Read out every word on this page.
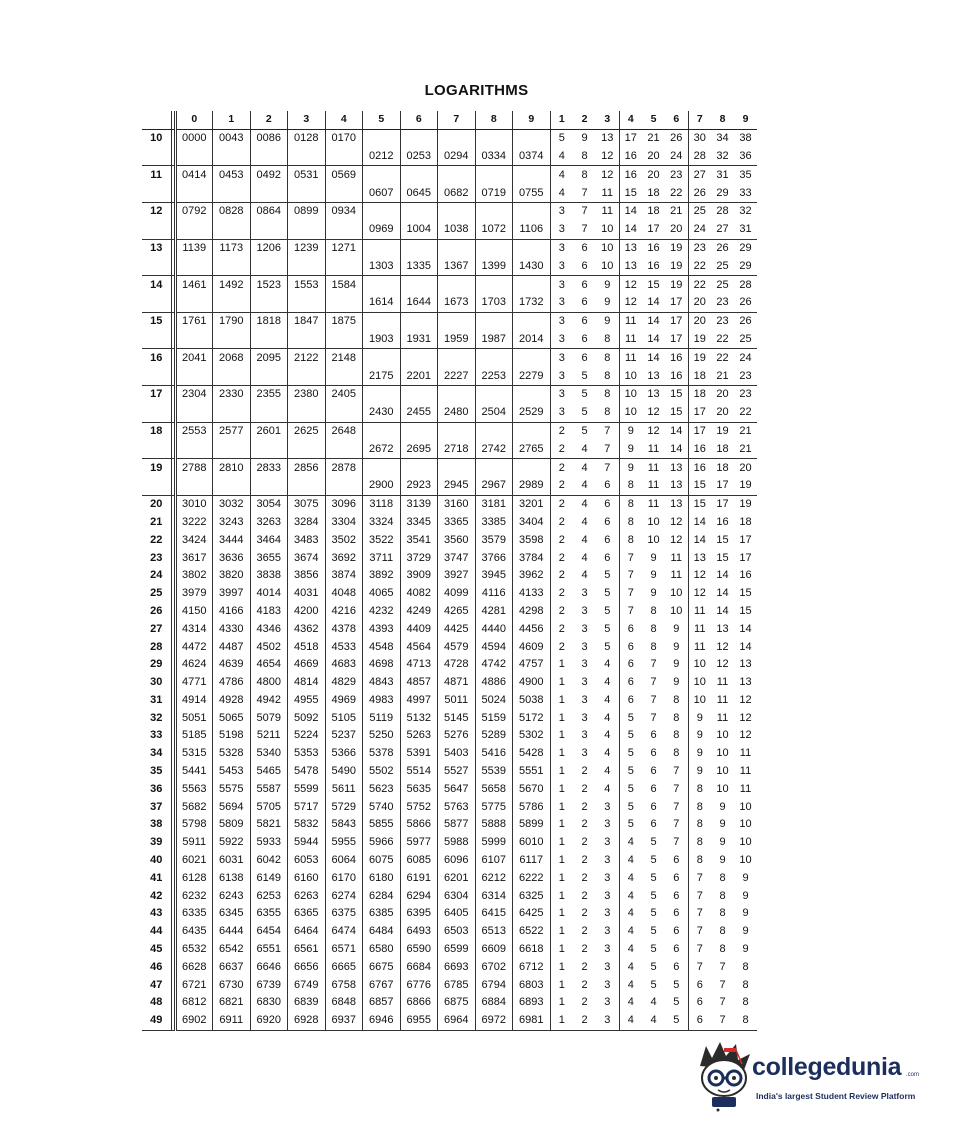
LOGARITHMS
		0	1	2	3	4	5	6	7	8	9	1	2	3	4	5	6	7	8	9
10		0000	0043	0086	0128	0170						5	9	13	17	21	26	30	34	38
							0212	0253	0294	0334	0374	4	8	12	16	20	24	28	32	36
11		0414	0453	0492	0531	0569						4	8	12	16	20	23	27	31	35
							0607	0645	0682	0719	0755	4	7	11	15	18	22	26	29	33
12		0792	0828	0864	0899	0934						3	7	11	14	18	21	25	28	32
							0969	1004	1038	1072	1106	3	7	10	14	17	20	24	27	31
13		1139	1173	1206	1239	1271						3	6	10	13	16	19	23	26	29
							1303	1335	1367	1399	1430	3	6	10	13	16	19	22	25	29
14		1461	1492	1523	1553	1584						3	6	9	12	15	19	22	25	28
							1614	1644	1673	1703	1732	3	6	9	12	14	17	20	23	26
15		1761	1790	1818	1847	1875						3	6	9	11	14	17	20	23	26
							1903	1931	1959	1987	2014	3	6	8	11	14	17	19	22	25
16		2041	2068	2095	2122	2148						3	6	8	11	14	16	19	22	24
							2175	2201	2227	2253	2279	3	5	8	10	13	16	18	21	23
17		2304	2330	2355	2380	2405						3	5	8	10	13	15	18	20	23
							2430	2455	2480	2504	2529	3	5	8	10	12	15	17	20	22
18		2553	2577	2601	2625	2648						2	5	7	9	12	14	17	19	21
							2672	2695	2718	2742	2765	2	4	7	9	11	14	16	18	21
19		2788	2810	2833	2856	2878						2	4	7	9	11	13	16	18	20
							2900	2923	2945	2967	2989	2	4	6	8	11	13	15	17	19
20		3010	3032	3054	3075	3096	3118	3139	3160	3181	3201	2	4	6	8	11	13	15	17	19
21		3222	3243	3263	3284	3304	3324	3345	3365	3385	3404	2	4	6	8	10	12	14	16	18
22		3424	3444	3464	3483	3502	3522	3541	3560	3579	3598	2	4	6	8	10	12	14	15	17
23		3617	3636	3655	3674	3692	3711	3729	3747	3766	3784	2	4	6	7	9	11	13	15	17
24		3802	3820	3838	3856	3874	3892	3909	3927	3945	3962	2	4	5	7	9	11	12	14	16
25		3979	3997	4014	4031	4048	4065	4082	4099	4116	4133	2	3	5	7	9	10	12	14	15
26		4150	4166	4183	4200	4216	4232	4249	4265	4281	4298	2	3	5	7	8	10	11	14	15
27		4314	4330	4346	4362	4378	4393	4409	4425	4440	4456	2	3	5	6	8	9	11	13	14
28		4472	4487	4502	4518	4533	4548	4564	4579	4594	4609	2	3	5	6	8	9	11	12	14
29		4624	4639	4654	4669	4683	4698	4713	4728	4742	4757	1	3	4	6	7	9	10	12	13
30		4771	4786	4800	4814	4829	4843	4857	4871	4886	4900	1	3	4	6	7	9	10	11	13
31		4914	4928	4942	4955	4969	4983	4997	5011	5024	5038	1	3	4	6	7	8	10	11	12
32		5051	5065	5079	5092	5105	5119	5132	5145	5159	5172	1	3	4	5	7	8	9	11	12
33		5185	5198	5211	5224	5237	5250	5263	5276	5289	5302	1	3	4	5	6	8	9	10	12
34		5315	5328	5340	5353	5366	5378	5391	5403	5416	5428	1	3	4	5	6	8	9	10	11
35		5441	5453	5465	5478	5490	5502	5514	5527	5539	5551	1	2	4	5	6	7	9	10	11
36		5563	5575	5587	5599	5611	5623	5635	5647	5658	5670	1	2	4	5	6	7	8	10	11
37		5682	5694	5705	5717	5729	5740	5752	5763	5775	5786	1	2	3	5	6	7	8	9	10
38		5798	5809	5821	5832	5843	5855	5866	5877	5888	5899	1	2	3	5	6	7	8	9	10
39		5911	5922	5933	5944	5955	5966	5977	5988	5999	6010	1	2	3	4	5	7	8	9	10
40		6021	6031	6042	6053	6064	6075	6085	6096	6107	6117	1	2	3	4	5	6	8	9	10
41		6128	6138	6149	6160	6170	6180	6191	6201	6212	6222	1	2	3	4	5	6	7	8	9
42		6232	6243	6253	6263	6274	6284	6294	6304	6314	6325	1	2	3	4	5	6	7	8	9
43		6335	6345	6355	6365	6375	6385	6395	6405	6415	6425	1	2	3	4	5	6	7	8	9
44		6435	6444	6454	6464	6474	6484	6493	6503	6513	6522	1	2	3	4	5	6	7	8	9
45		6532	6542	6551	6561	6571	6580	6590	6599	6609	6618	1	2	3	4	5	6	7	8	9
46		6628	6637	6646	6656	6665	6675	6684	6693	6702	6712	1	2	3	4	5	6	7	7	8
47		6721	6730	6739	6749	6758	6767	6776	6785	6794	6803	1	2	3	4	5	5	6	7	8
48		6812	6821	6830	6839	6848	6857	6866	6875	6884	6893	1	2	3	4	4	5	6	7	8
49		6902	6911	6920	6928	6937	6946	6955	6964	6972	6981	1	2	3	4	4	5	6	7	8
collegedunia .com
India's largest Student Review Platform
